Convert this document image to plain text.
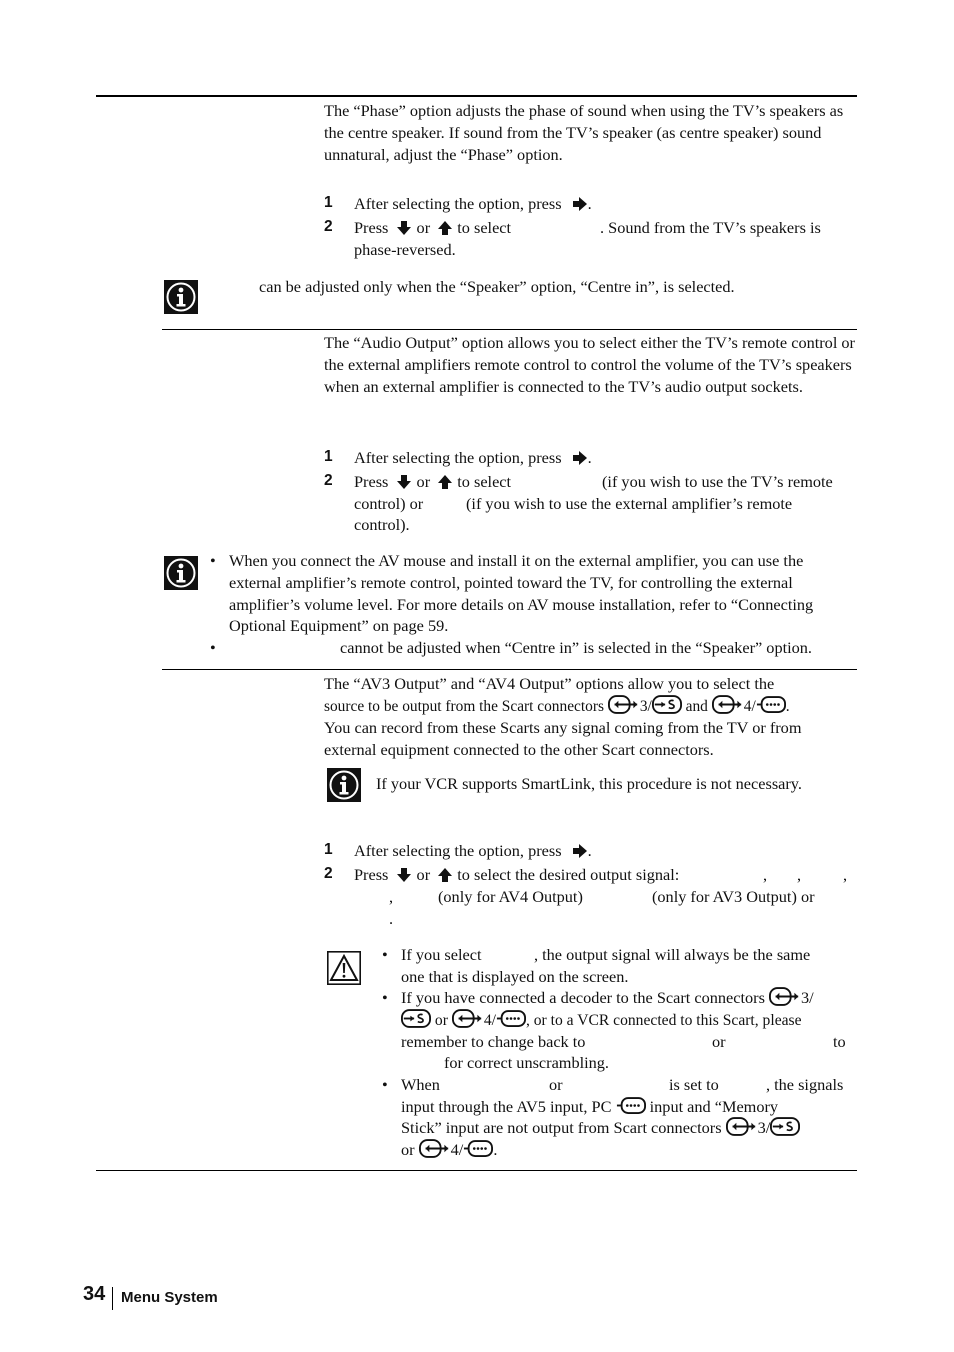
The “Phase” option adjusts the phase of sound when using the TV’s speakers as the centre speaker. If sound from the TV’s speaker (as centre speaker) sound unnatural, adjust the “Phase” option.

1 After selecting the option, press .
2 Press or to select	. Sound from the TV’s speakers is
phase-reversed.
can be adjusted only when the “Speaker” option, “Centre in”, is selected.

The “Audio Output” option allows you to select either the TV’s remote control or the external amplifiers remote control to control the volume of the TV’s speakers when an external amplifier is connected to the TV’s audio output sockets.

1 After selecting the option, press .
2 Press or to select	(if you wish to use the TV’s remote
control) or	(if you wish to use the external amplifier’s remote
control).
• When you connect the AV mouse and install it on the external amplifier, you can use the external amplifier’s remote control, pointed toward the TV, for controlling the external amplifier’s volume level. For more details on AV mouse installation, refer to “Connecting Optional Equipment” on page 59.

•	cannot be adjusted when “Centre in” is selected in the “Speaker” option.
The “AV3 Output” and “AV4 Output” options allow you to select the
source to be output from the Scart connectors 3/ and 4/ .
You can record from these Scarts any signal coming from the TV or from
external equipment connected to the other Scart connectors.
If your VCR supports SmartLink, this procedure is not necessary.
1 After selecting the option, press .
2 Press or to select the desired output signal:	, ,	,
,	(only for AV4 Output)	(only for AV3 Output) or
.
• If you select	, the output signal will always be the same
one that is displayed on the screen.
• If you have connected a decoder to the Scart connectors 3/
or 4/ , or to a VCR connected to this Scart, please
remember to change back to	or	to
for correct unscrambling.
• When	or	is set to	, the signals
input through the AV5 input, PC input and “Memory
Stick” input are not output from Scart connectors 3/
or 4/ .
34 Menu System
